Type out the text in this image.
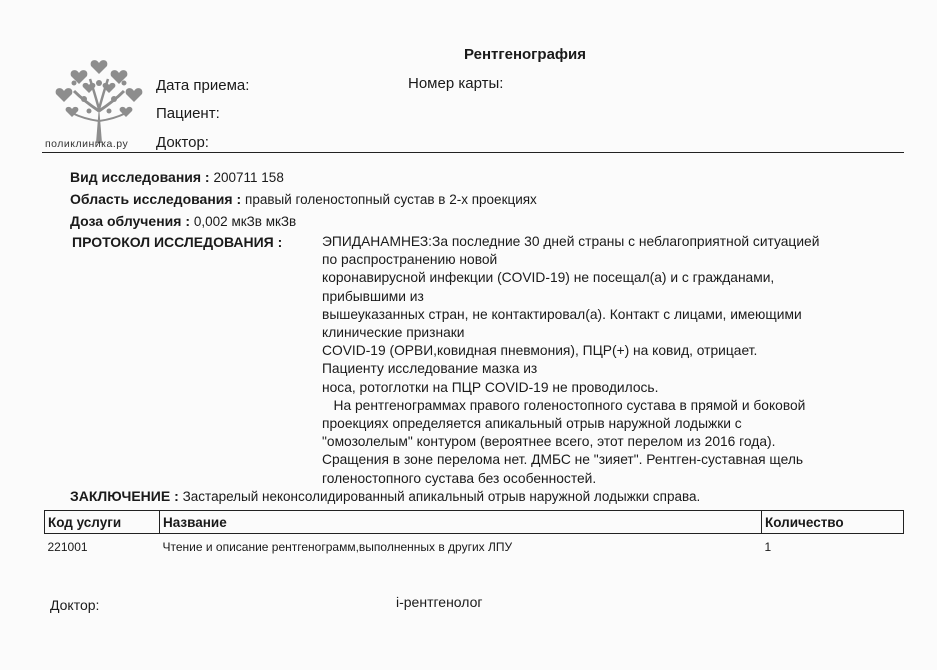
Рентгенография
поликлиника.ру
Дата приема:	Номер карты:
Пациент:
Доктор:
Вид исследования : 200711 158
Область исследования : правый голеностопный сустав в 2-х проекциях
Доза облучения : 0,002 мкЗв мкЗв
ПРОТОКОЛ ИССЛЕДОВАНИЯ :	ЭПИДАНАМНЕЗ:За последние 30 дней страны с неблагоприятной ситуацией
по распространению новой
коронавирусной инфекции (COVID-19) не посещал(а) и с гражданами,
прибывшими из
вышеуказанных стран, не контактировал(а). Контакт с лицами, имеющими
клинические признаки
COVID-19 (ОРВИ,ковидная пневмония), ПЦР(+) на ковид, отрицает.
Пациенту исследование мазка из
носа, ротоглотки на ПЦР COVID-19 не проводилось.
На рентгенограммах правого голеностопного сустава в прямой и боковой
проекциях определяется апикальный отрыв наружной лодыжки с
"омозолелым" контуром (вероятнее всего, этот перелом из 2016 года).
Сращения в зоне перелома нет. ДМБС не "зияет". Рентген-суставная щель
голеностопного сустава без особенностей.
ЗАКЛЮЧЕНИЕ : Застарелый неконсолидированный апикальный отрыв наружной лодыжки справа.
Код услуги	Название	Количество
221001	Чтение и описание рентгенограмм,выполненных в других ЛПУ	1
Доктор:	і-рентгенолог
